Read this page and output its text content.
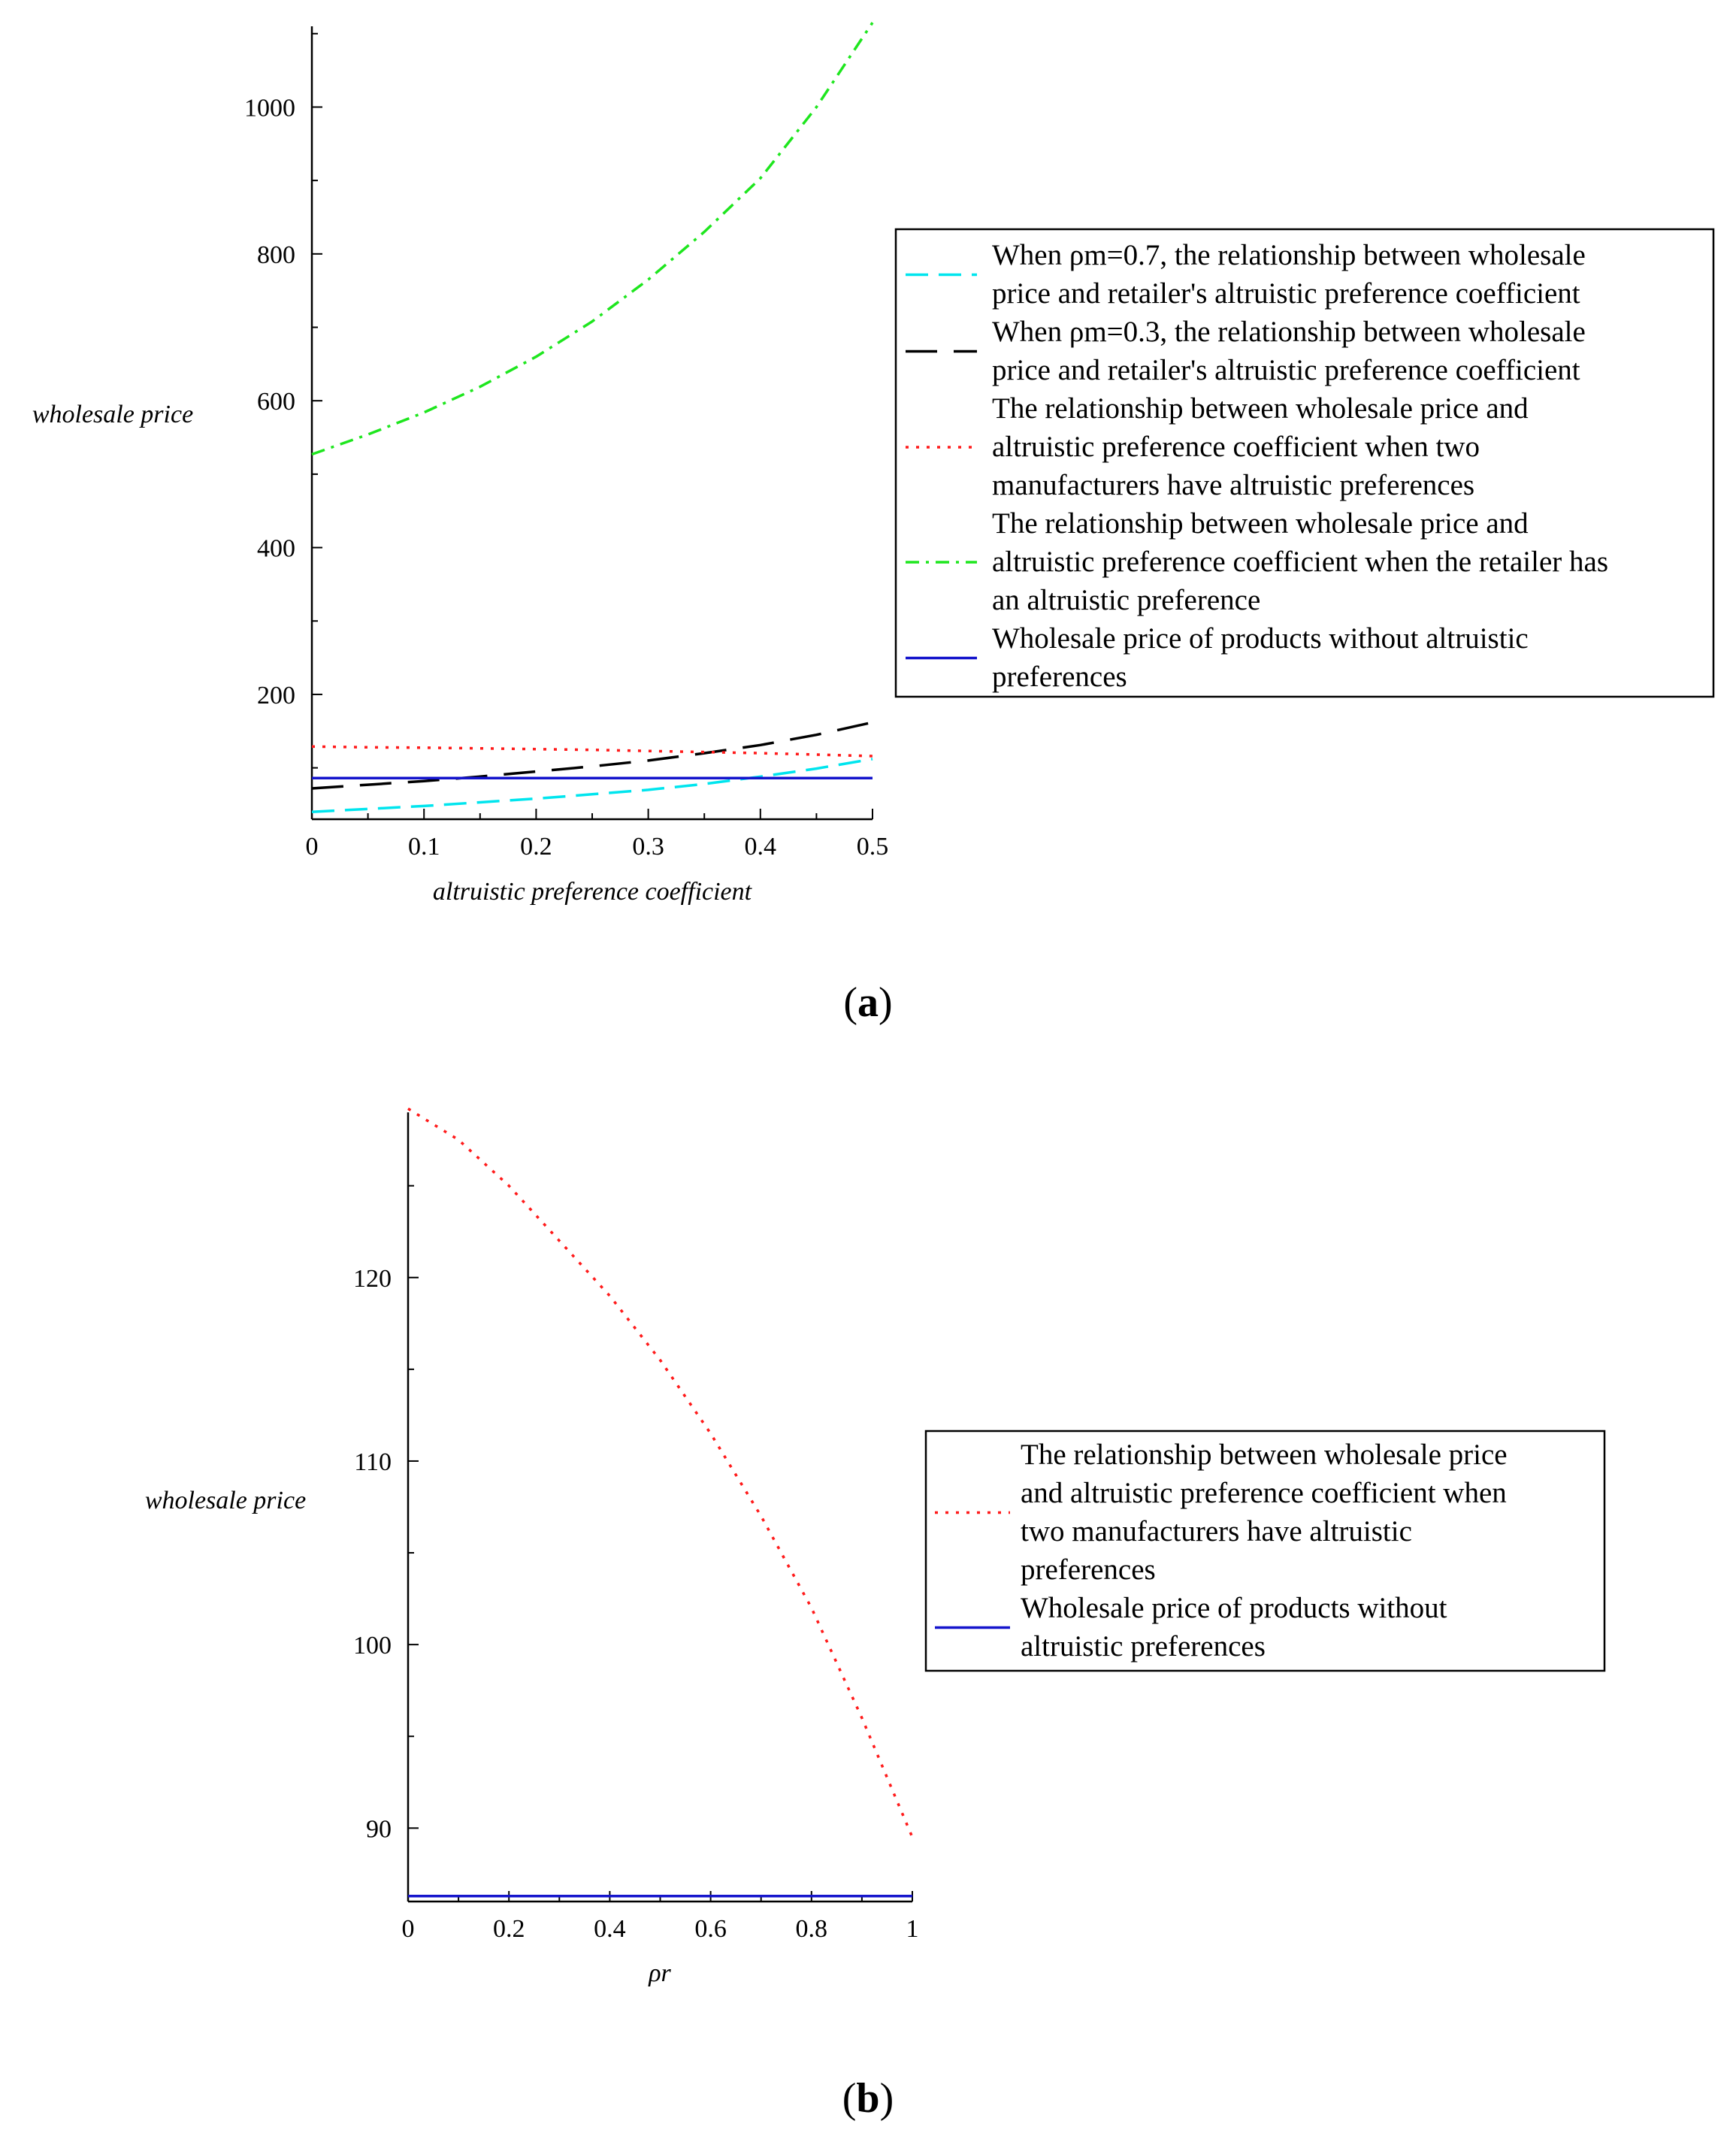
0	0.1	0.2	0.3	0.4	0.5
200
400
600
800
1000
wholesale price
altruistic preference coefficient
When ρm=0.7, the relationship between wholesale
price and retailer's altruistic preference coefficient
When ρm=0.3, the relationship between wholesale
price and retailer's altruistic preference coefficient
The relationship between wholesale price and
altruistic preference coefficient when two
manufacturers have altruistic preferences
The relationship between wholesale price and
altruistic preference coefficient when the retailer has
an altruistic preference
Wholesale price of products without altruistic
preferences
(a)
0	0.2	0.4	0.6	0.8	1
90
100
110
120
wholesale price
ρr
The relationship between wholesale price
and altruistic preference coefficient when
two manufacturers have altruistic
preferences
Wholesale price of products without
altruistic preferences
(b)
